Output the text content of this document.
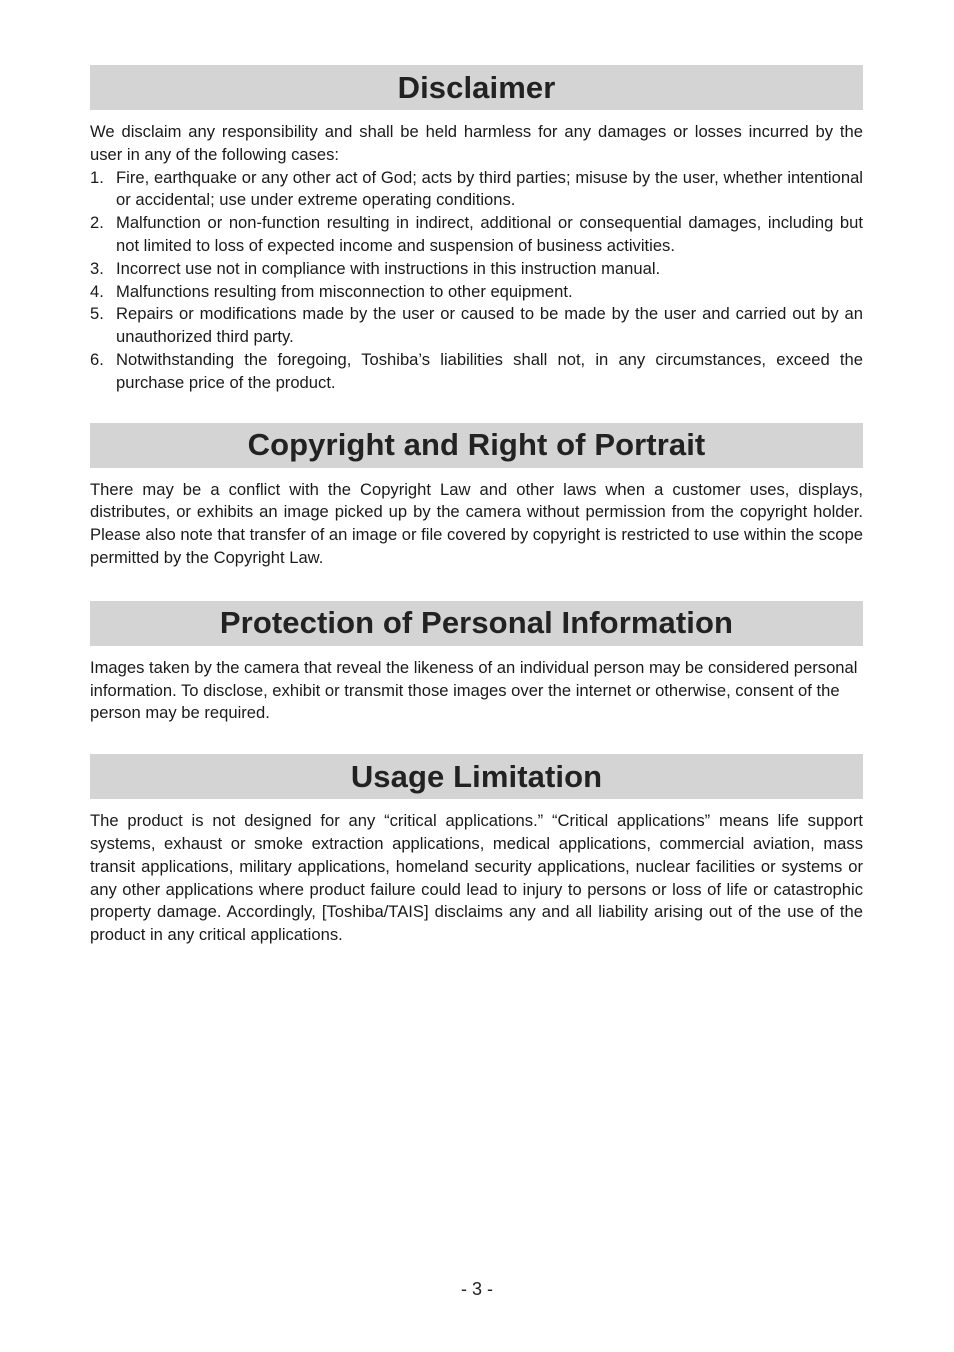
Disclaimer

We disclaim any responsibility and shall be held harmless for any damages or losses incurred by the user in any of the following cases:

1. Fire, earthquake or any other act of God; acts by third parties; misuse by the user, whether intentional or accidental; use under extreme operating conditions.
2. Malfunction or non-function resulting in indirect, additional or consequential damages, including but not limited to loss of expected income and suspension of business activities.
3. Incorrect use not in compliance with instructions in this instruction manual.
4. Malfunctions resulting from misconnection to other equipment.
5. Repairs or modifications made by the user or caused to be made by the user and carried out by an unauthorized third party.
6. Notwithstanding the foregoing, Toshiba’s liabilities shall not, in any circumstances, exceed the purchase price of the product.
Copyright and Right of Portrait

There may be a conflict with the Copyright Law and other laws when a customer uses, displays, distributes, or exhibits an image picked up by the camera without permission from the copyright holder. Please also note that transfer of an image or file covered by copyright is restricted to use within the scope permitted by the Copyright Law.

Protection of Personal Information

Images taken by the camera that reveal the likeness of an individual person may be considered personal information. To disclose, exhibit or transmit those images over the internet or otherwise, consent of the person may be required.

Usage Limitation

The product is not designed for any “critical applications.” “Critical applications” means life support systems, exhaust or smoke extraction applications, medical applications, commercial aviation, mass transit applications, military applications, homeland security applications, nuclear facilities or systems or any other applications where product failure could lead to injury to persons or loss of life or catastrophic property damage. Accordingly, [Toshiba/TAIS] disclaims any and all liability arising out of the use of the product in any critical applications.

- 3 -
